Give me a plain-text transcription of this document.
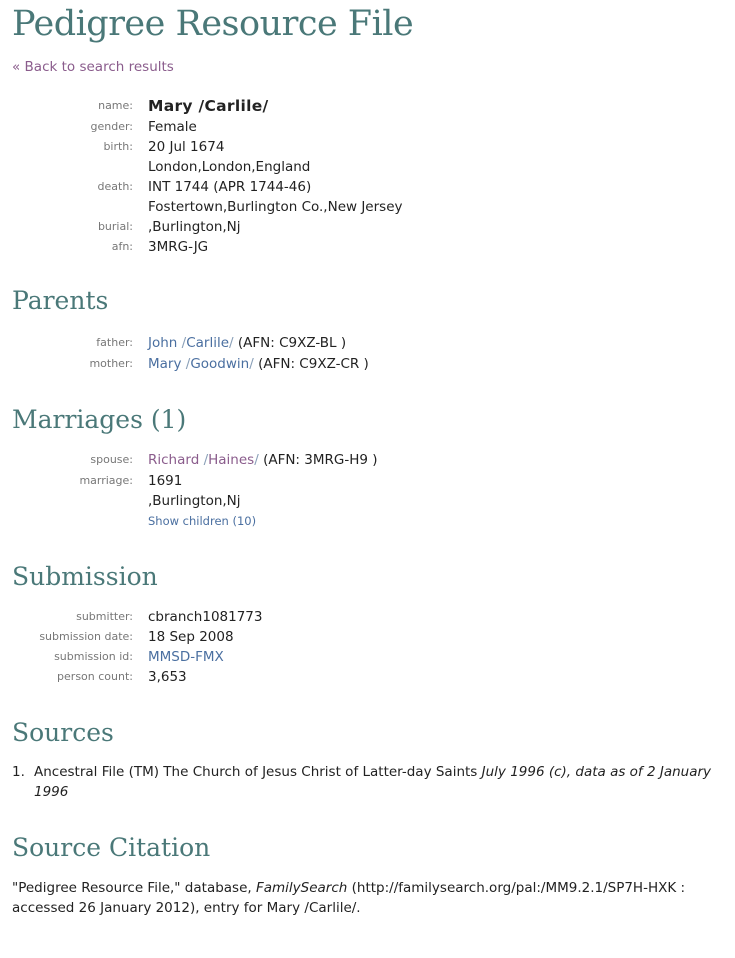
Pedigree Resource File
« Back to search results
name: Mary /Carlile/
gender:	Female
birth:	20 Jul 1674
London,London,England
death:	INT 1744 (APR 1744-46)
Fostertown,Burlington Co.,New Jersey
burial:	,Burlington,Nj
afn:	3MRG-JG
Parents
father:	John /Carlile/ (AFN: C9XZ-BL )
mother:	Mary /Goodwin/ (AFN: C9XZ-CR )
Marriages (1)
spouse:	Richard /Haines/ (AFN: 3MRG-H9 )
marriage:	1691
,Burlington,Nj
Show children (10)
Submission
submitter:	cbranch1081773
submission date:	18 Sep 2008
submission id:	MMSD-FMX
person count:	3,653
Sources
1. Ancestral File (TM) The Church of Jesus Christ of Latter-day Saints July 1996 (c), data as of 2 January 1996
Source Citation
"Pedigree Resource File," database, FamilySearch (http://familysearch.org/pal:/MM9.2.1/SP7H-HXK : accessed 26 January 2012), entry for Mary /Carlile/.
